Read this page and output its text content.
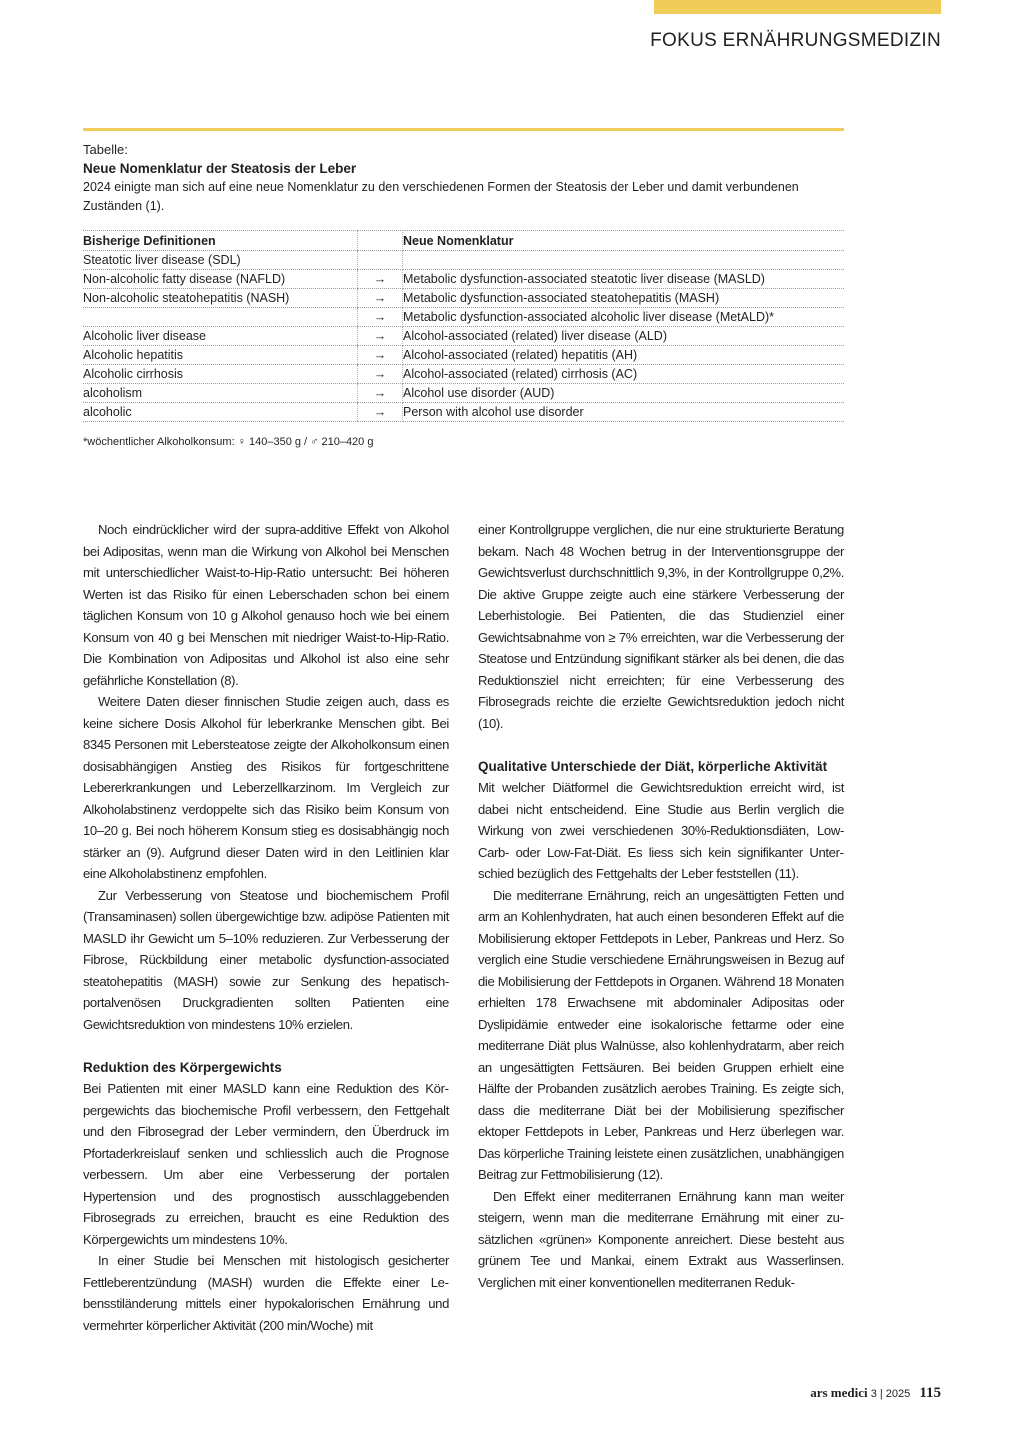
FOKUS ERNÄHRUNGSMEDIZIN
Tabelle:
Neue Nomenklatur der Steatosis der Leber
2024 einigte man sich auf eine neue Nomenklatur zu den verschiedenen Formen der Steatosis der Leber und damit verbundenen Zuständen (1).
Bisherige Definitionen		Neue Nomenklatur
Steatotic liver disease (SDL)		
Non-alcoholic fatty disease (NAFLD)	→	Metabolic dysfunction-associated steatotic liver disease (MASLD)
Non-alcoholic steatohepatitis (NASH)	→	Metabolic dysfunction-associated steatohepatitis (MASH)
	→	Metabolic dysfunction-associated alcoholic liver disease (MetALD)*
Alcoholic liver disease	→	Alcohol-associated (related) liver disease (ALD)
Alcoholic hepatitis	→	Alcohol-associated (related) hepatitis (AH)
Alcoholic cirrhosis	→	Alcohol-associated (related) cirrhosis (AC)
alcoholism	→	Alcohol use disorder (AUD)
alcoholic	→	Person with alcohol use disorder
*wöchentlicher Alkoholkonsum: ♀ 140–350 g / ♂ 210–420 g

Noch eindrücklicher wird der supra-additive Effekt von Alkohol bei Adipositas, wenn man die Wirkung von Alkohol bei Menschen mit unterschiedlicher Waist-to-Hip-Ratio untersucht: Bei höheren Werten ist das Risiko für einen Leberschaden schon bei einem täglichen Konsum von 10 g Alkohol genauso hoch wie bei einem Konsum von 40 g bei Menschen mit niedriger Waist-to-Hip-Ratio. Die Kombination von Adipositas und Alkohol ist also eine sehr gefährliche Konstellation (8).

Weitere Daten dieser finnischen Studie zeigen auch, dass es keine sichere Dosis Alkohol für leberkranke Menschen gibt. Bei 8345 Personen mit Lebersteatose zeigte der Alkoholkonsum einen dosisabhängigen Anstieg des Risikos für fortgeschrittene Lebererkrankungen und Leberzellkarzinom. Im Vergleich zur Alkoholabstinenz verdoppelte sich das Risiko beim Konsum von 10–20 g. Bei noch höherem Konsum stieg es dosisabhängig noch stärker an (9). Aufgrund dieser Daten wird in den Leitlinien klar eine Alkoholabstinenz empfohlen.

Zur Verbesserung von Steatose und biochemischem Profil (Transaminasen) sollen übergewichtige bzw. adipöse Patienten mit MASLD ihr Gewicht um 5–10% reduzieren. Zur Verbesserung der Fibrose, Rückbildung einer metabolic dysfunction-associated steatohepatitis (MASH) sowie zur Senkung des hepatisch-portalvenösen Druckgradienten sollten Patienten eine Gewichtsreduktion von mindestens 10% erzielen.

Reduktion des Körpergewichts

Bei Patienten mit einer MASLD kann eine Reduktion des Körpergewichts das biochemische Profil verbessern, den Fettgehalt und den Fibrosegrad der Leber vermindern, den Überdruck im Pfortaderkreislauf senken und schliesslich auch die Prognose verbessern. Um aber eine Verbesserung der portalen Hypertension und des prognostisch ausschlaggebenden Fibrosegrads zu erreichen, braucht es eine Reduktion des Körpergewichts um mindestens 10%.

In einer Studie bei Menschen mit histologisch gesicherter Fettleberentzündung (MASH) wurden die Effekte einer Lebensstiländerung mittels einer hypokalorischen Ernährung und vermehrter körperlicher Aktivität (200 min/Woche) mit

einer Kontrollgruppe verglichen, die nur eine strukturierte Beratung bekam. Nach 48 Wochen betrug in der Interventionsgruppe der Gewichtsverlust durchschnittlich 9,3%, in der Kontrollgruppe 0,2%. Die aktive Gruppe zeigte auch eine stärkere Verbesserung der Leberhistologie. Bei Patienten, die das Studienziel einer Gewichtsabnahme von ≥ 7% erreichten, war die Verbesserung der Steatose und Entzündung signifikant stärker als bei denen, die das Reduktionsziel nicht erreichten; für eine Verbesserung des Fibrosegrads reichte die erzielte Gewichtsreduktion jedoch nicht (10).

Qualitative Unterschiede der Diät, körperliche Aktivität

Mit welcher Diätformel die Gewichtsreduktion erreicht wird, ist dabei nicht entscheidend. Eine Studie aus Berlin verglich die Wirkung von zwei verschiedenen 30%-Reduktionsdiäten, Low-Carb- oder Low-Fat-Diät. Es liess sich kein signifikanter Unterschied bezüglich des Fettgehalts der Leber feststellen (11).

Die mediterrane Ernährung, reich an ungesättigten Fetten und arm an Kohlenhydraten, hat auch einen besonderen Effekt auf die Mobilisierung ektoper Fettdepots in Leber, Pankreas und Herz. So verglich eine Studie verschiedene Ernährungsweisen in Bezug auf die Mobilisierung der Fettdepots in Organen. Während 18 Monaten erhielten 178 Erwachsene mit abdominaler Adipositas oder Dyslipidämie entweder eine isokalorische fettarme oder eine mediterrane Diät plus Walnüsse, also kohlenhydratarm, aber reich an ungesättigten Fettsäuren. Bei beiden Gruppen erhielt eine Hälfte der Probanden zusätzlich aerobes Training. Es zeigte sich, dass die mediterrane Diät bei der Mobilisierung spezifischer ektoper Fettdepots in Leber, Pankreas und Herz überlegen war. Das körperliche Training leistete einen zusätzlichen, unabhängigen Beitrag zur Fettmobilisierung (12).

Den Effekt einer mediterranen Ernährung kann man weiter steigern, wenn man die mediterrane Ernährung mit einer zusätzlichen «grünen» Komponente anreichert. Diese besteht aus grünem Tee und Mankai, einem Extrakt aus Wasserlinsen. Verglichen mit einer konventionellen mediterranen Reduk-

ars medici 3 | 2025 115
